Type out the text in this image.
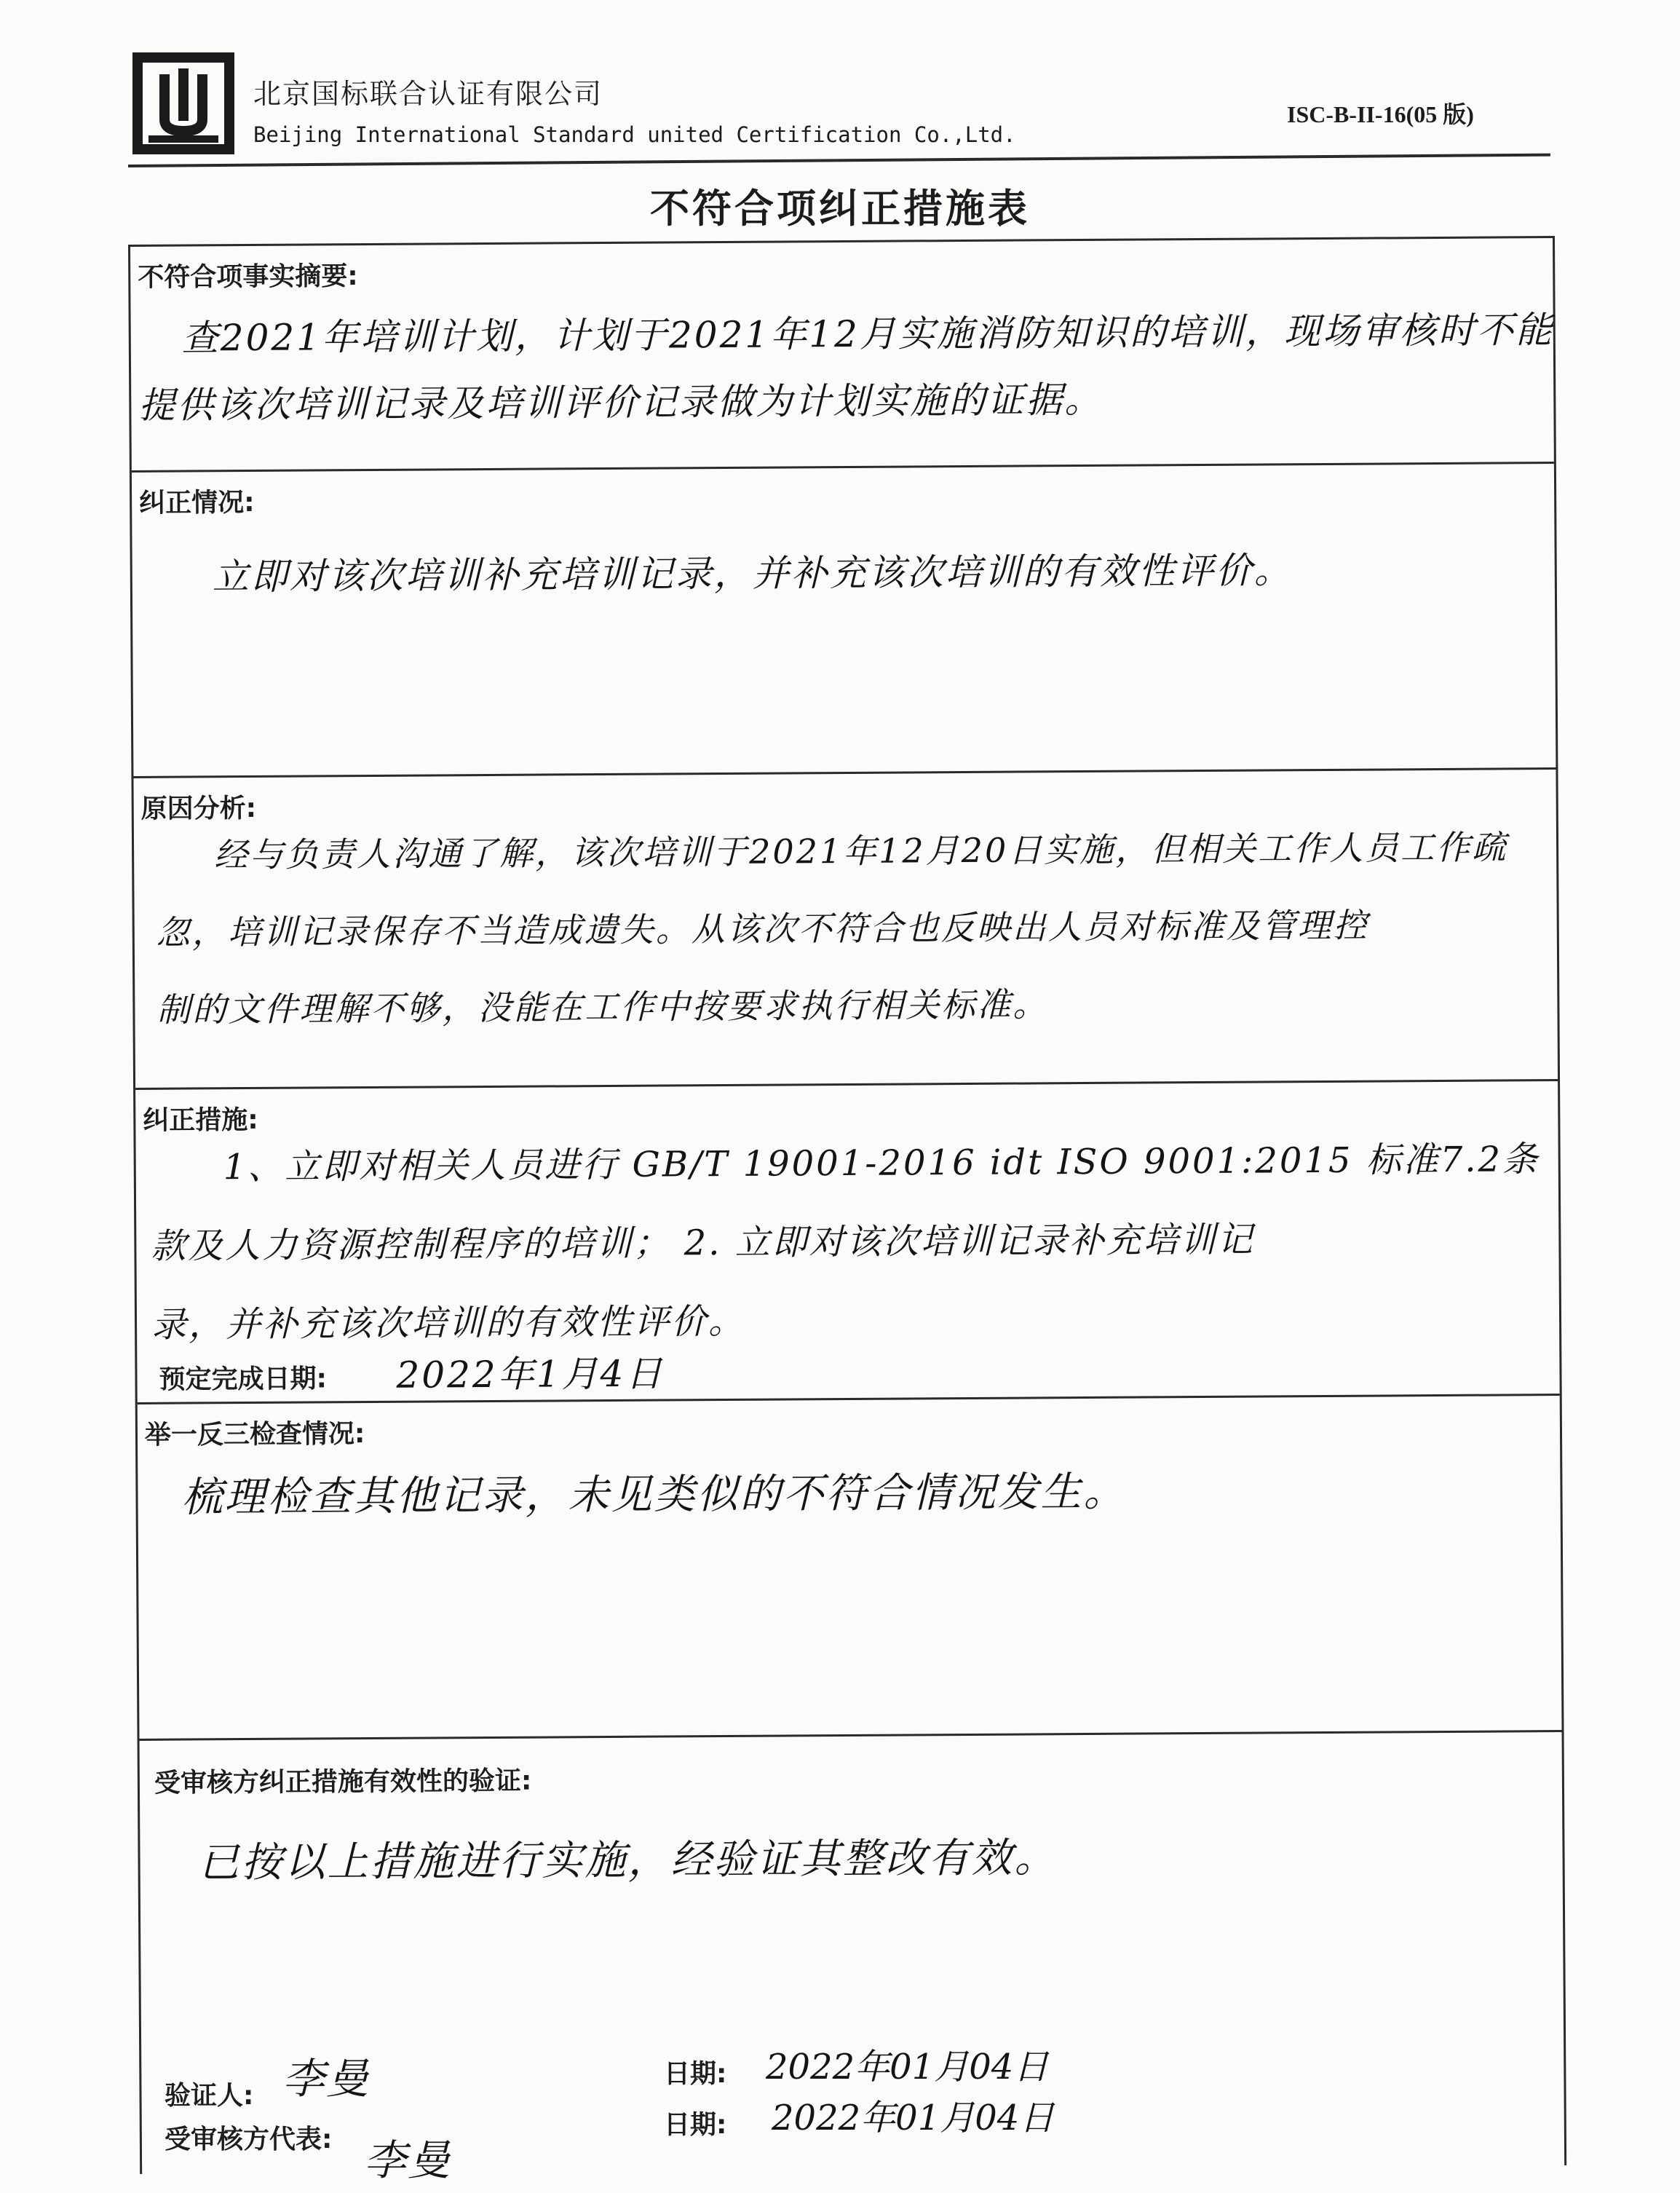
北京国标联合认证有限公司
Beijing International Standard united Certification Co.,Ltd.
ISC-B-II-16(05 版)
不符合项纠正措施表
不符合项事实摘要:
查2021年培训计划，计划于2021年12月实施消防知识的培训，现场审核时不能
提供该次培训记录及培训评价记录做为计划实施的证据。
纠正情况:
立即对该次培训补充培训记录，并补充该次培训的有效性评价。
原因分析:
经与负责人沟通了解，该次培训于2021年12月20日实施，但相关工作人员工作疏
忽，培训记录保存不当造成遗失。从该次不符合也反映出人员对标准及管理控
制的文件理解不够，没能在工作中按要求执行相关标准。
纠正措施:
1、立即对相关人员进行 GB/T 19001-2016 idt ISO 9001:2015 标准7.2条
款及人力资源控制程序的培训； 2. 立即对该次培训记录补充培训记
录，并补充该次培训的有效性评价。
预定完成日期: 2022年1月4日
举一反三检查情况:
梳理检查其他记录，未见类似的不符合情况发生。
受审核方纠正措施有效性的验证:
已按以上措施进行实施，经验证其整改有效。
验证人: 李曼	日期: 2022年01月04日
受审核方代表: 李曼
日期: 2022年01月04日
